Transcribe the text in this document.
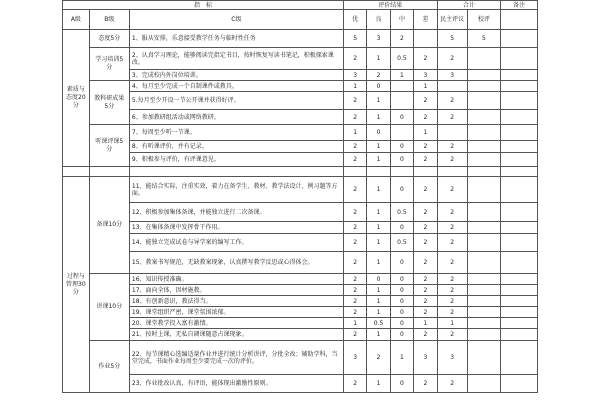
指　标			评价结果				合计		备注
A级	B级	C级	优	良	中	差	民主评议	校评	
素质与态度20分	态度5分	1、服从安排，乐意接受教学任务与临时性任务	5	3	2		5	5	
	学习培训5分	2、认真学习理论，能够阅读完指定书目，按时恢复写读书笔记，积极探索课改。	2	1	0.5	2	2		
		3、完成校内外岗位培训。	3	2	1	3	3		
	教科研成果5分	4、每月至少完成一个自制课件或教具。	1	0		1			
		5.每月至少开设一节公开课并获得好评。	2	1		2	2		
		6、参加教研组活动或网络教研。	2	1	0	2	2		
	听课评课5分	7、每周至少听一节课。	1	0		1			
		8、有听课评价，并有记录。	2	1	0	2	2		
		9、积极参与评价，有评课意见。	2	1	0	2	2		

过程与管理30分	备课10分	11、能结合实际，注重实效，着力在备学生、教材、教学法设计、例习题等方面。	2	1	0	2	2		
		12、积极参加集体备课，并能独立进行二次备课。	2	1	0.5	2	2		
		13、在集体备课中发挥骨干作用。	2	1	0	2	2		
		14、能独立完成试卷与导学案的编写工作。	2	1	0.5	2	2		
		15、教案书写规范，无缺教案现象，认真撰写教学反思或心得体会。	2	1	0	2	2		
	讲课10分	16、知识传授准确。	2	0	0	2	2		
		17、面向全体，因材施教。	2	1	0	2	2		
		18、有创新意识，教法得当。	2	1	0	2	2		
		19、课堂组织严密，课堂氛围浓郁。	2	1	0	2	2		
		20、课堂教学投入富有激情。	1	0.5	0	1	1		
		21、按时上课，无私自调课随意占课现象。	2	1	0	2	2		
	作业5分	22、每节课精心选编适量作业并进行统计分析讲评，分批全改；辅助学科，当堂完成，书面作业每周至少要完成一次的评价。	3	2	1	3	3		
		23、作业批改认真，有评语，能体现出激励性原则。	2	1	0	2	2		
